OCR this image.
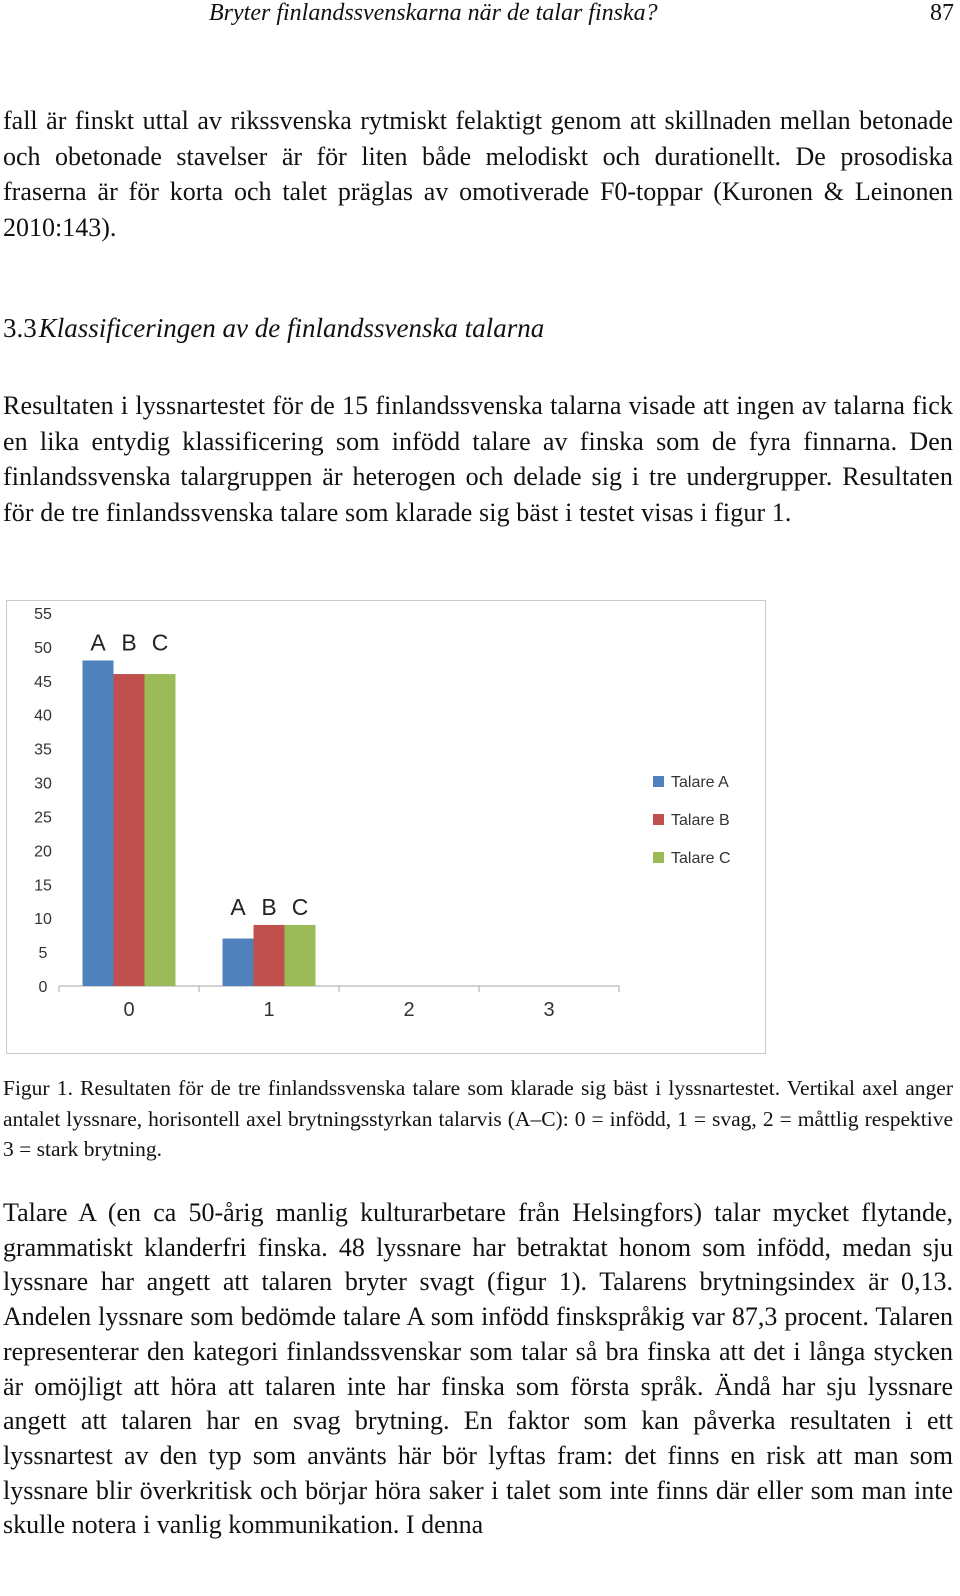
Bryter finlandssvenskarna när de talar finska?	87

fall är finskt uttal av rikssvenska rytmiskt felaktigt genom att skillnaden mellan betonade och obetonade stavelser är för liten både melodiskt och durationellt. De prosodiska fraserna är för korta och talet präglas av omotiverade F0-toppar (Kuronen & Leinonen 2010:143).

3.3Klassificeringen av de finlandssvenska talarna

Resultaten i lyssnartestet för de 15 finlandssvenska talarna visade att ingen av talarna fick en lika entydig klassificering som infödd talare av finska som de fyra finnarna. Den finlandssvenska talargruppen är heterogen och delade sig i tre undergrupper. Resultaten för de tre finlandssvenska talare som klarade sig bäst i testet visas i figur 1.

0
5
10
15
20
25
30
35
40
45
50
55
A B C
0
A B C
1	2	3
Talare A
Talare B
Talare C

Figur 1. Resultaten för de tre finlandssvenska talare som klarade sig bäst i lyssnartestet. Vertikal axel anger antalet lyssnare, horisontell axel brytningsstyrkan talarvis (A–C): 0 = infödd, 1 = svag, 2 = måttlig respektive 3 = stark brytning.

Talare A (en ca 50-årig manlig kulturarbetare från Helsingfors) talar mycket flytande, grammatiskt klanderfri finska. 48 lyssnare har betraktat honom som infödd, medan sju lyssnare har angett att talaren bryter svagt (figur 1). Talarens brytningsindex är 0,13. Andelen lyssnare som bedömde talare A som infödd finskspråkig var 87,3 procent. Talaren representerar den kategori finlandssvenskar som talar så bra finska att det i långa stycken är omöjligt att höra att talaren inte har finska som första språk. Ändå har sju lyssnare angett att talaren har en svag brytning. En faktor som kan påverka resultaten i ett lyssnartest av den typ som använts här bör lyftas fram: det finns en risk att man som lyssnare blir överkritisk och börjar höra saker i talet som inte finns där eller som man inte skulle notera i vanlig kommunikation. I denna
